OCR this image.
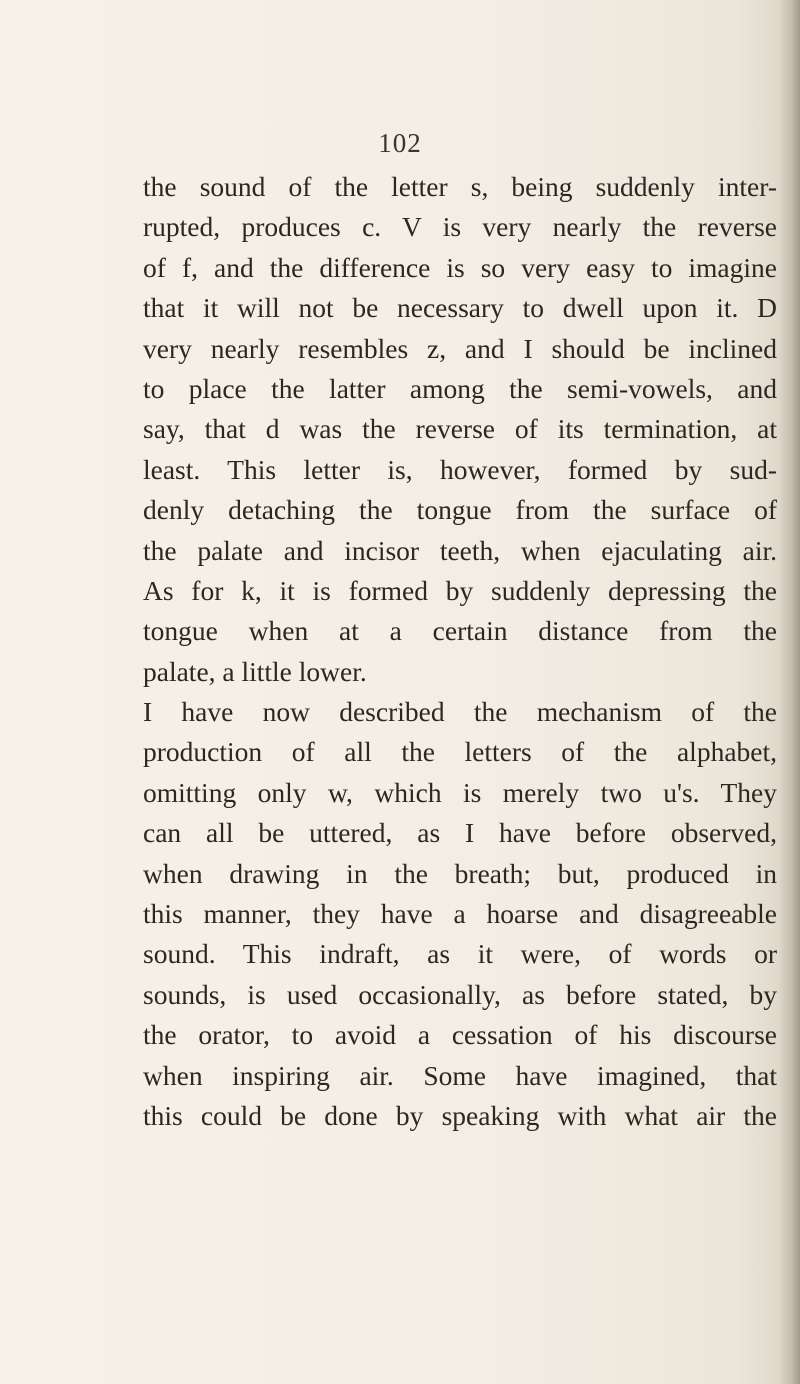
102
the sound of the letter s, being suddenly inter-
rupted, produces c. V is very nearly the reverse
of f, and the difference is so very easy to imagine
that it will not be necessary to dwell upon it. D
very nearly resembles z, and I should be inclined
to place the latter among the semi-vowels, and
say, that d was the reverse of its termination, at
least. This letter is, however, formed by sud-
denly detaching the tongue from the surface of
the palate and incisor teeth, when ejaculating air.
As for k, it is formed by suddenly depressing the
tongue when at a certain distance from the
palate, a little lower.
I have now described the mechanism of the
production of all the letters of the alphabet,
omitting only w, which is merely two u's. They
can all be uttered, as I have before observed,
when drawing in the breath; but, produced in
this manner, they have a hoarse and disagreeable
sound. This indraft, as it were, of words or
sounds, is used occasionally, as before stated, by
the orator, to avoid a cessation of his discourse
when inspiring air. Some have imagined, that
this could be done by speaking with what air the
